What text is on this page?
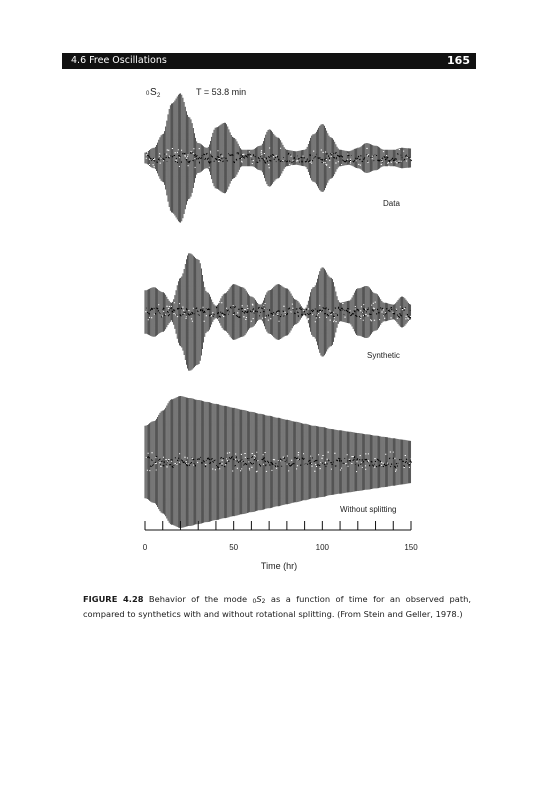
4.6 Free Oscillations	165
0 S 2	T = 53.8 min
Data
Synthetic
Without splitting
0	50	100	150
Time (hr)
FIGURE 4.28 Behavior of the mode $_0S_2$ as a function of time for an observed path, compared to synthetics with and without rotational splitting. (From Stein and Geller, 1978.)
